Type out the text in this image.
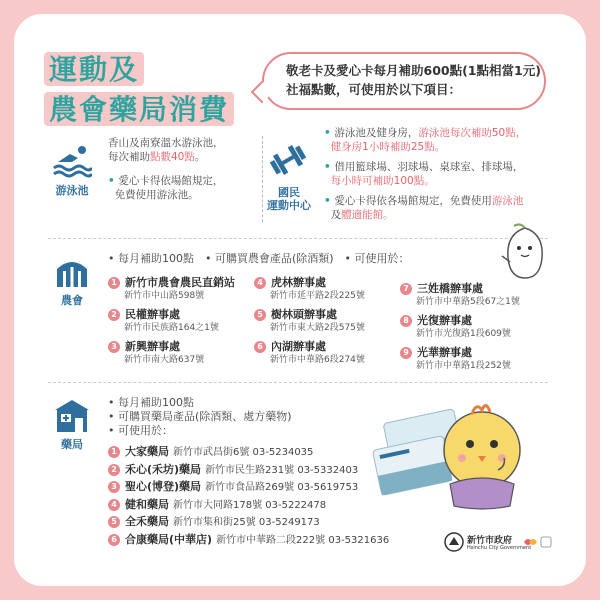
運動及
農會藥局消費
敬老卡及愛心卡每月補助600點(1點相當1元)
社福點數，可使用於以下項目：
游泳池
香山及南寮溫水游泳池，
每次補助點數40點。
• 愛心卡得依場館規定，
免費使用游泳池。	國民
運動中心
• 游泳池及健身房，游泳池每次補助50點，
健身房1小時補助25點。
• 借用籃球場、羽球場、桌球室、排球場，
每小時可補助100點。
• 愛心卡得依各場館規定，免費使用游泳池
及體適能館。
農會
• 每月補助100點　• 可購買農會產品(除酒類)　• 可使用於：
1 新竹市農會農民直銷站
新竹市中山路598號
2 民權辦事處
新竹市民族路164之1號
3 新興辦事處
新竹市南大路637號
4 虎林辦事處
新竹市延平路2段225號
5 樹林頭辦事處
新竹市東大路2段575號
6 內湖辦事處
新竹市中華路6段274號
7 三姓橋辦事處
新竹市中華路5段67之1號
8 光復辦事處
新竹市光復路1段609號
9 光華辦事處
新竹市中華路1段252號
藥局
• 每月補助100點
• 可購買藥局產品(除酒類、處方藥物)
• 可使用於：
1 大家藥局 新竹市武昌街6號 03-5234035
2 禾心(禾坊)藥局 新竹市民生路231號 03-5332403
3 聖心(博登)藥局 新竹市食品路269號 03-5619753
4 健和藥局 新竹市大同路178號 03-5222478
5 全禾藥局 新竹市集和街25號 03-5249173
6 合康藥局(中華店) 新竹市中華路二段222號 03-5321636	新竹市政府
Hsinchu City Government
